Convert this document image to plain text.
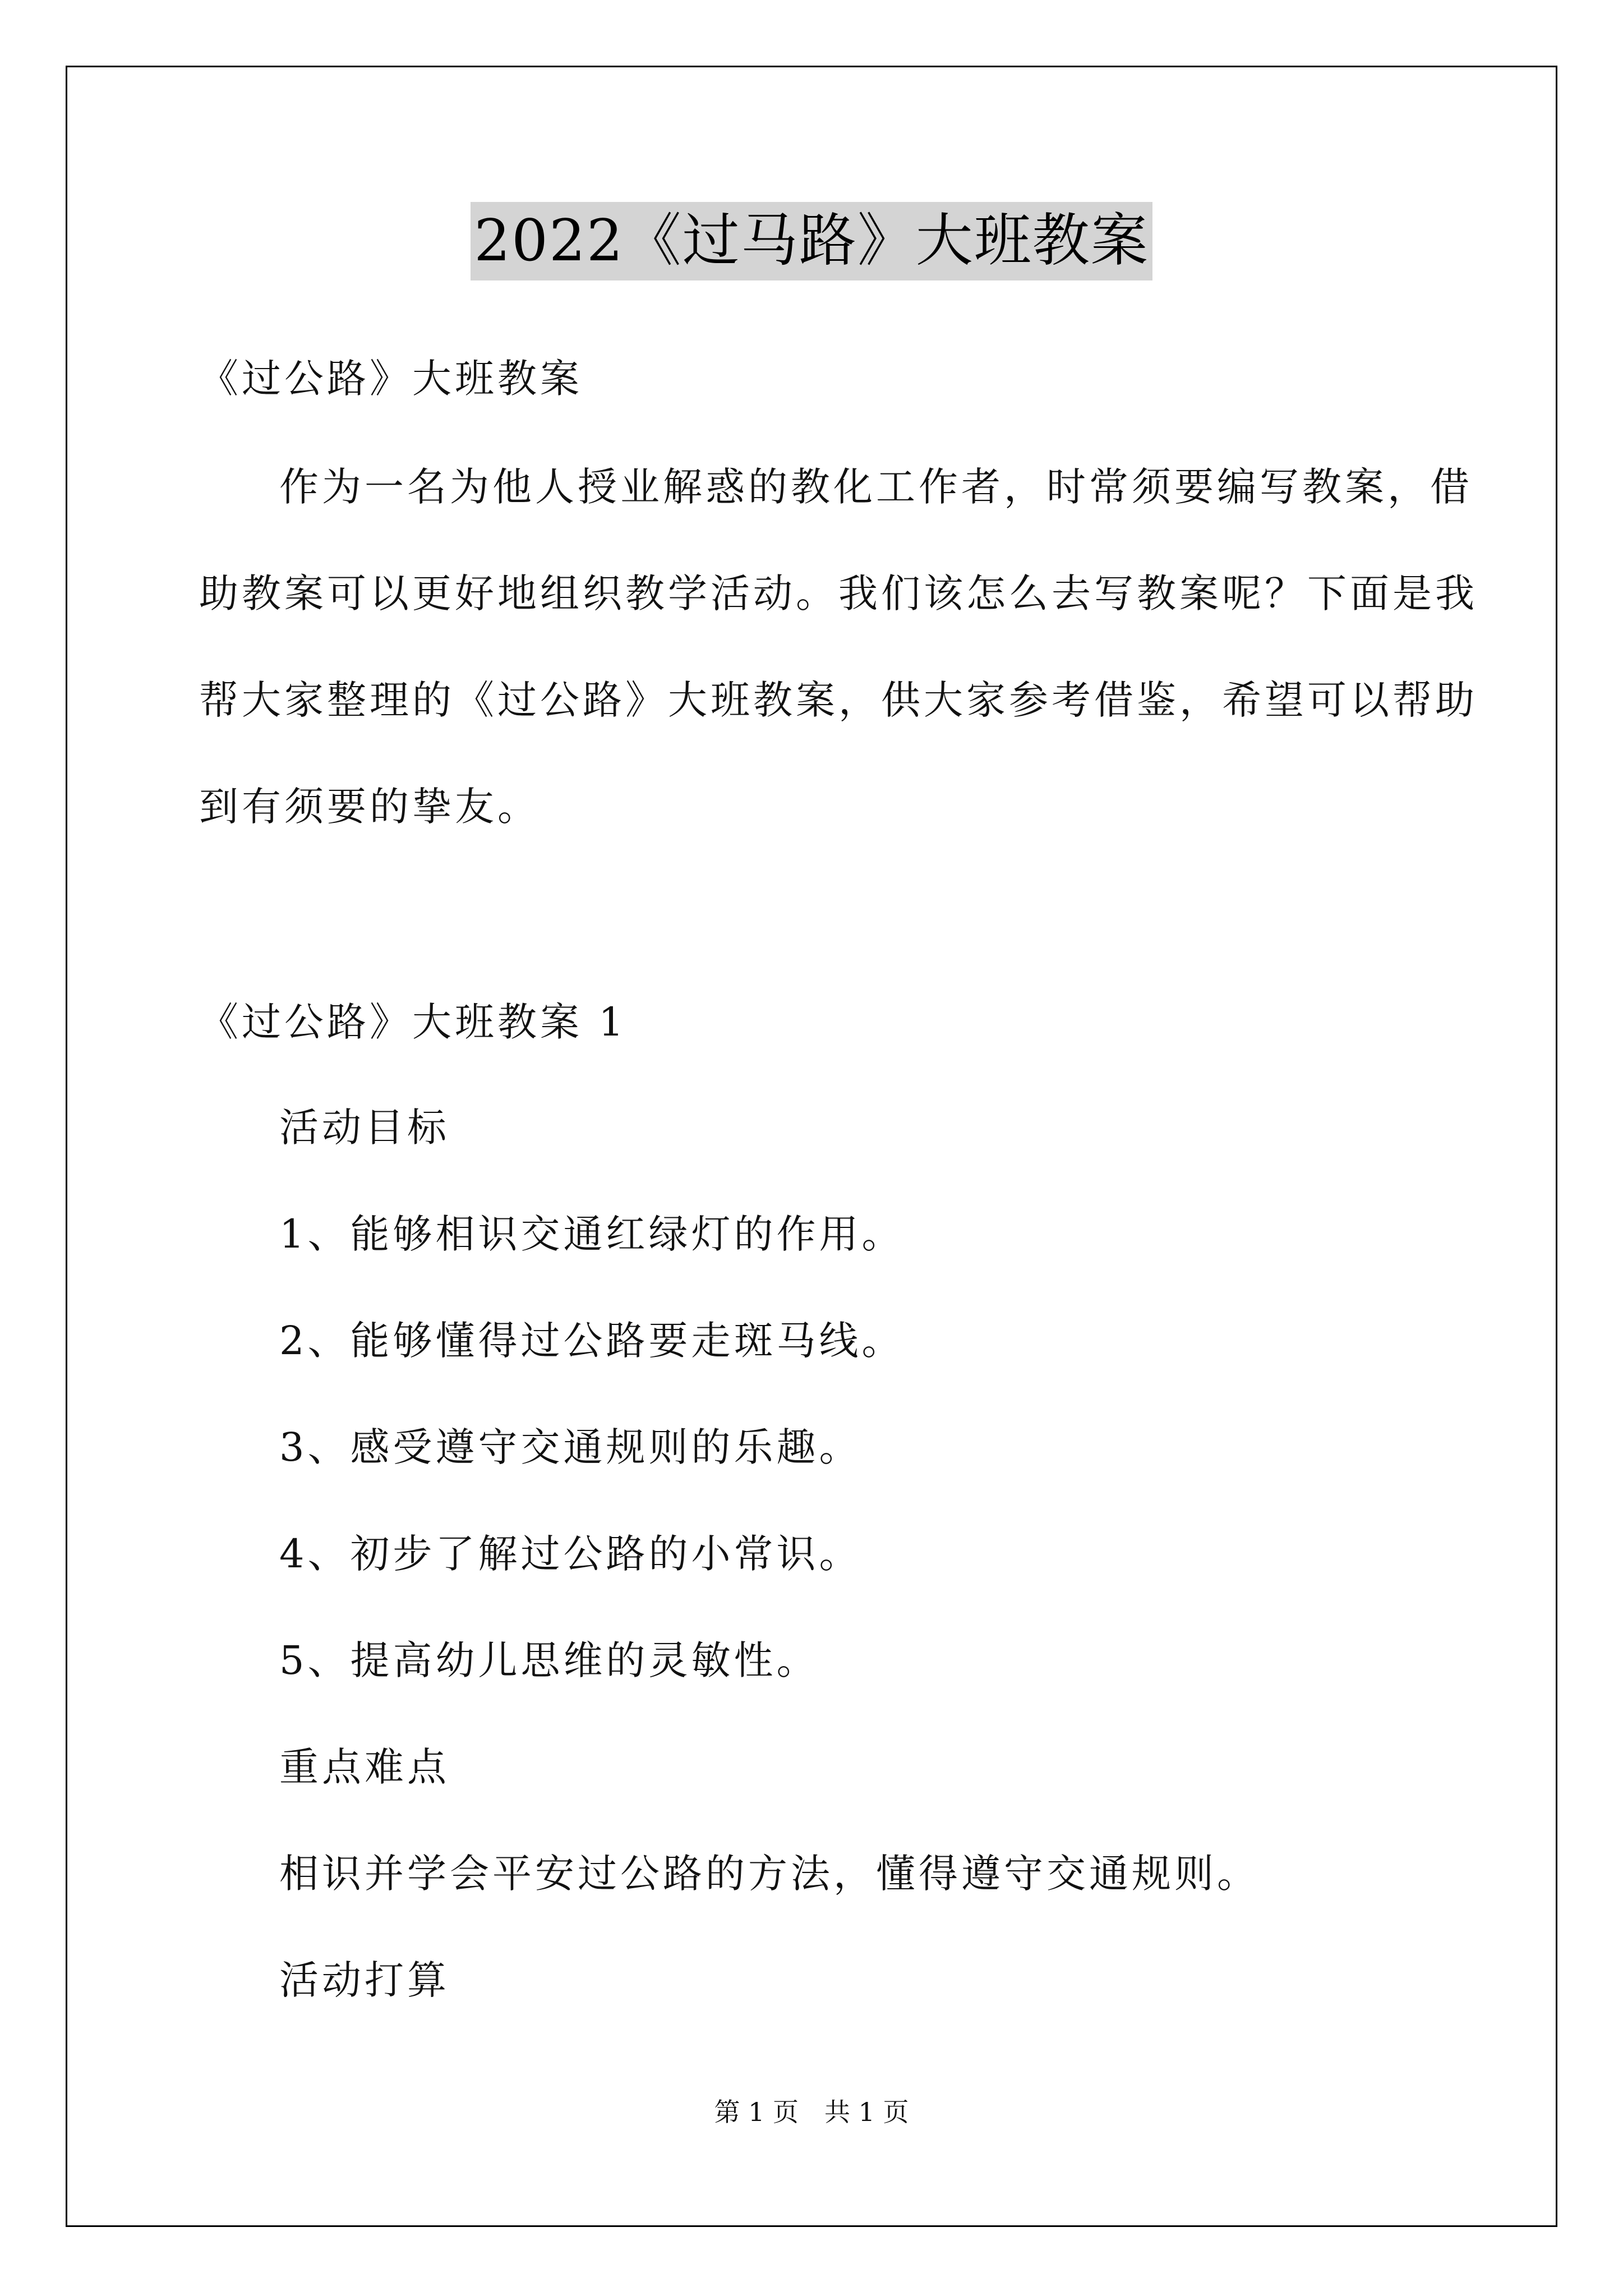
2022《过马路》大班教案
《过公路》大班教案
作为一名为他人授业解惑的教化工作者，时常须要编写教案，借
助教案可以更好地组织教学活动。我们该怎么去写教案呢？下面是我
帮大家整理的《过公路》大班教案，供大家参考借鉴，希望可以帮助
到有须要的挚友。
《过公路》大班教案 1
活动目标
1、能够相识交通红绿灯的作用。
2、能够懂得过公路要走斑马线。
3、感受遵守交通规则的乐趣。
4、初步了解过公路的小常识。
5、提高幼儿思维的灵敏性。
重点难点
相识并学会平安过公路的方法，懂得遵守交通规则。
活动打算
第 1 页　共 1 页
